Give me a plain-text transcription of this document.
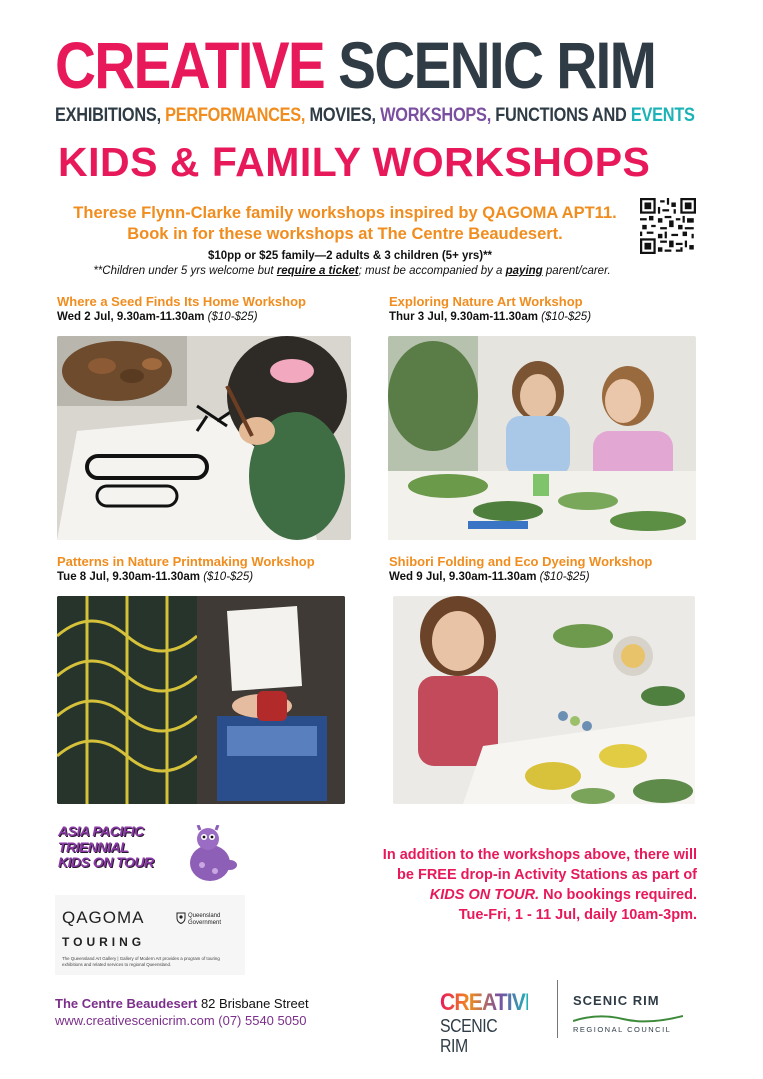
CREATIVE SCENIC RIM
EXHIBITIONS, PERFORMANCES, MOVIES, WORKSHOPS, FUNCTIONS AND EVENTS
KIDS & FAMILY WORKSHOPS
Therese Flynn-Clarke family workshops inspired by QAGOMA APT11.
Book in for these workshops at The Centre Beaudesert.
$10pp or $25 family—2 adults & 3 children (5+ yrs)**
**Children under 5 yrs welcome but require a ticket; must be accompanied by a paying parent/carer.
Where a Seed Finds Its Home Workshop
Wed 2 Jul, 9.30am-11.30am ($10-$25)
Exploring Nature Art Workshop
Thur 3 Jul, 9.30am-11.30am ($10-$25)
Patterns in Nature Printmaking Workshop
Tue 8 Jul, 9.30am-11.30am ($10-$25)
Shibori Folding and Eco Dyeing Workshop
Wed 9 Jul, 9.30am-11.30am ($10-$25)
ASIA PACIFIC
TRIENNIAL
KIDS ON TOUR
QAGOMA
TOURING
Queensland
Government
The Queensland Art Gallery | Gallery of Modern Art provides a program of touring exhibitions and related services to regional Queensland.
In addition to the workshops above, there will
be FREE drop-in Activity Stations as part of
KIDS ON TOUR. No bookings required.
Tue-Fri, 1 - 11 Jul, daily 10am-3pm.
The Centre Beaudesert 82 Brisbane Street
www.creativescenicrim.com (07) 5540 5050
CREATIVE
SCENIC RIM
SCENIC RIM
REGIONAL COUNCIL
